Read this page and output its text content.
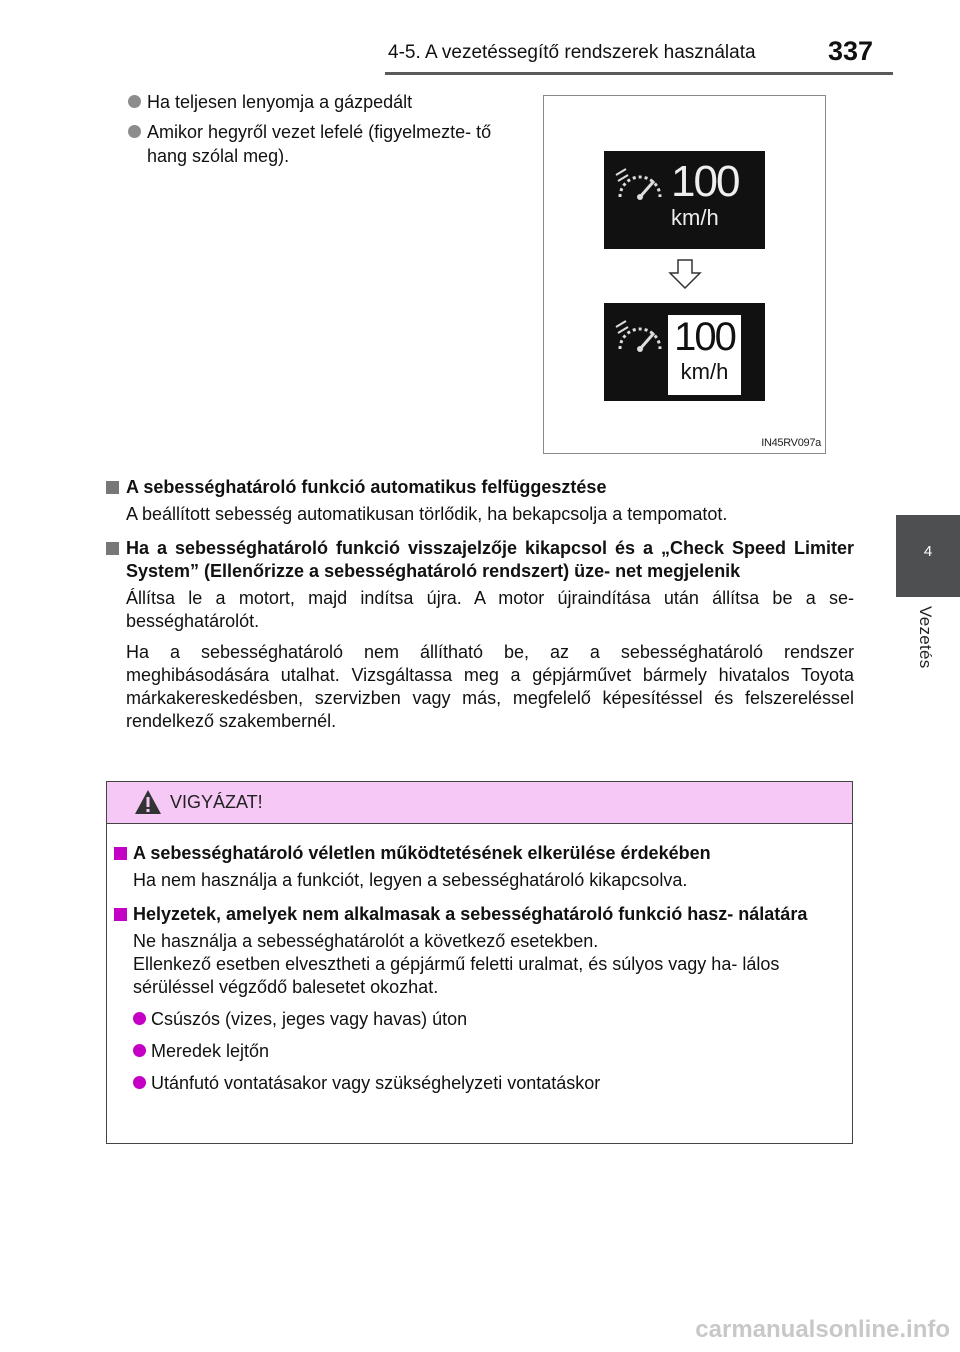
4-5. A vezetéssegítő rendszerek használata	337
4
Vezetés
Ha teljesen lenyomja a gázpedált
Amikor hegyről vezet lefelé (figyelmezte- tő hang szólal meg).
100
km/h
100
km/h
IN45RV097a
A sebességhatároló funkció automatikus felfüggesztése
A beállított sebesség automatikusan törlődik, ha bekapcsolja a tempomatot.
Ha a sebességhatároló funkció visszajelzője kikapcsol és a „Check Speed Limiter System” (Ellenőrizze a sebességhatároló rendszert) üze- net megjelenik
Állítsa le a motort, majd indítsa újra. A motor újraindítása után állítsa be a se- bességhatárolót.
Ha a sebességhatároló nem állítható be, az a sebességhatároló rendszer meghibásodására utalhat. Vizsgáltassa meg a gépjárművet bármely hivatalos Toyota márkakereskedésben, szervizben vagy más, megfelelő képesítéssel és felszereléssel rendelkező szakembernél.
VIGYÁZAT!
A sebességhatároló véletlen működtetésének elkerülése érdekében
Ha nem használja a funkciót, legyen a sebességhatároló kikapcsolva.
Helyzetek, amelyek nem alkalmasak a sebességhatároló funkció hasz- nálatára
Ne használja a sebességhatárolót a következő esetekben.
Ellenkező esetben elvesztheti a gépjármű feletti uralmat, és súlyos vagy ha- lálos sérüléssel végződő balesetet okozhat.
Csúszós (vizes, jeges vagy havas) úton
Meredek lejtőn
Utánfutó vontatásakor vagy szükséghelyzeti vontatáskor
carmanualsonline.info
